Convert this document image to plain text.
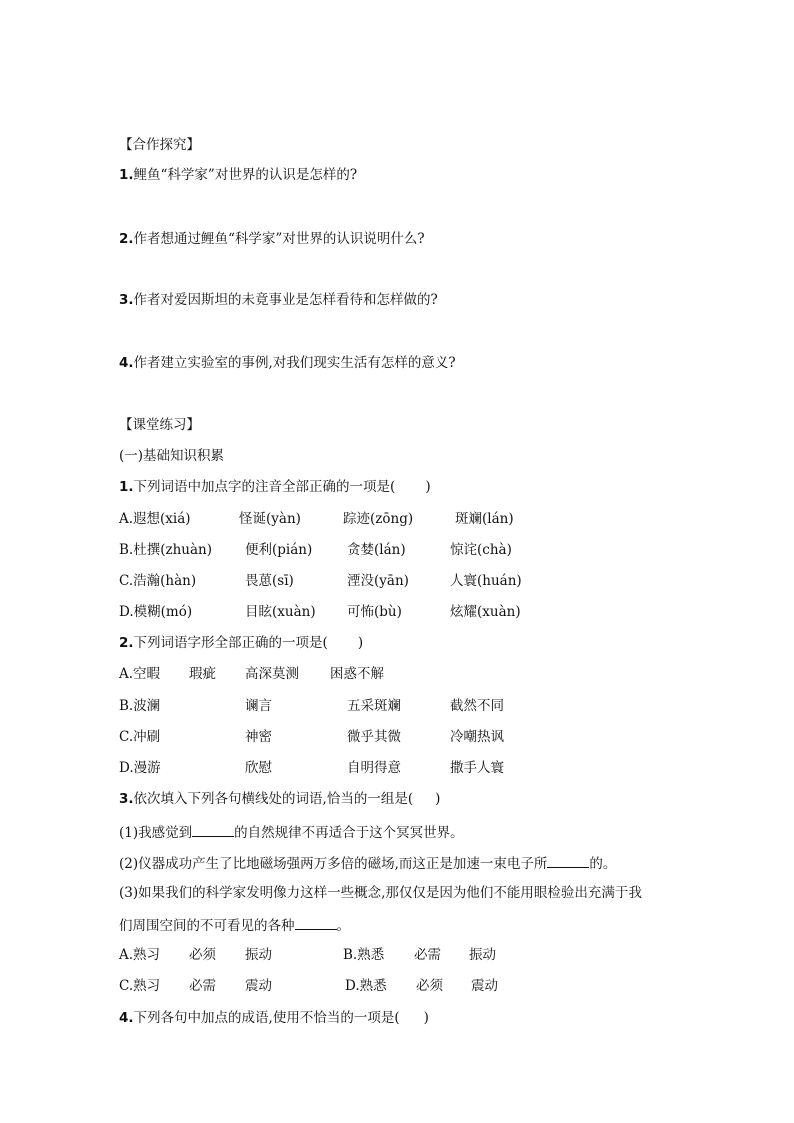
【合作探究】
1.鲤鱼“科学家”对世界的认识是怎样的?
2.作者想通过鲤鱼“科学家”对世界的认识说明什么?
3.作者对爱因斯坦的未竟事业是怎样看待和怎样做的?
4.作者建立实验室的事例,对我们现实生活有怎样的意义?
【课堂练习】
(一)基础知识积累
1.下列词语中加点字的注音全部正确的一项是( )
A.遐想(xiá)	怪诞(yàn)	踪迹(zōng)	斑斓(lán)
B.杜撰(zhuàn) 便利(pián)	贪婪(lán)	惊诧(chà)
C.浩瀚(hàn)	畏葸(sī)	湮没(yān)	人寰(huán)
D.模糊(mó)	目眩(xuàn) 可怖(bù)	炫耀(xuàn)
2.下列词语字形全部正确的一项是( )
A.空暇 瑕疵 高深莫测 困惑不解
B.波澜	谰言	五采斑斓	截然不同
C.冲刷	神密	微乎其微	冷嘲热讽
D.漫游	欣慰	自明得意	撒手人寰
3.依次填入下列各句横线处的词语,恰当的一组是( )
(1)我感觉到	的自然规律不再适合于这个冥冥世界。
(2)仪器成功产生了比地磁场强两万多倍的磁场,而这正是加速一束电子所	的。
(3)如果我们的科学家发明像力这样一些概念,那仅仅是因为他们不能用眼检验出充满于我
们周围空间的不可看见的各种	。
A.熟习 必须 振动	B.熟悉 必需 振动
C.熟习 必需 震动	D.熟悉 必须 震动
4.下列各句中加点的成语,使用不恰当的一项是( )
